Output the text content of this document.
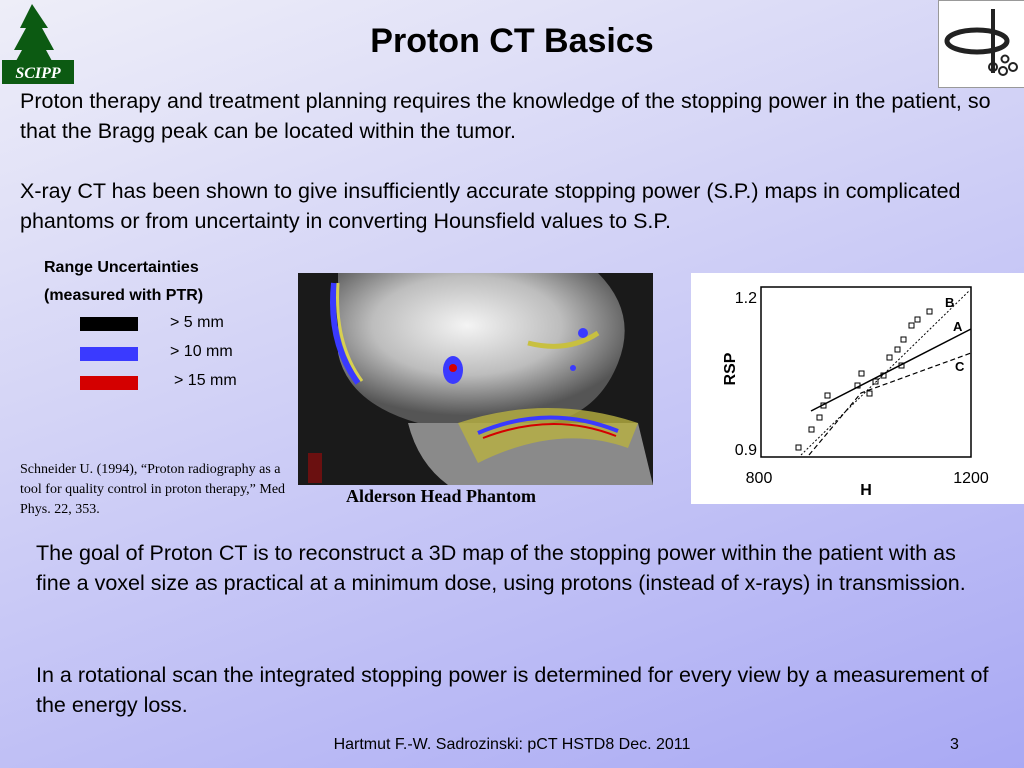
SCIPP
Proton CT Basics
Proton therapy and treatment planning requires the knowledge of the stopping power in the patient, so that the Bragg peak can be located within the tumor.
X-ray CT has been shown to give insufficiently accurate stopping power (S.P.) maps in complicated phantoms or from uncertainty in converting Hounsfield values to S.P.
Range Uncertainties
(measured with PTR)
> 5 mm
> 10 mm
> 15 mm
Schneider U. (1994), “Proton radiography as a tool for quality control in proton therapy,” Med Phys. 22, 353.
Alderson Head Phantom
1.2
0.9
800	1200
H
RSP
B
A
C
The goal of Proton CT is to reconstruct a 3D map of the stopping power within the patient with as fine a voxel size as practical at a minimum dose, using protons (instead of x-rays) in transmission.
In a rotational scan the integrated stopping power is determined for every view by a measurement of the energy loss.
Hartmut F.-W. Sadrozinski: pCT HSTD8 Dec. 2011	3
